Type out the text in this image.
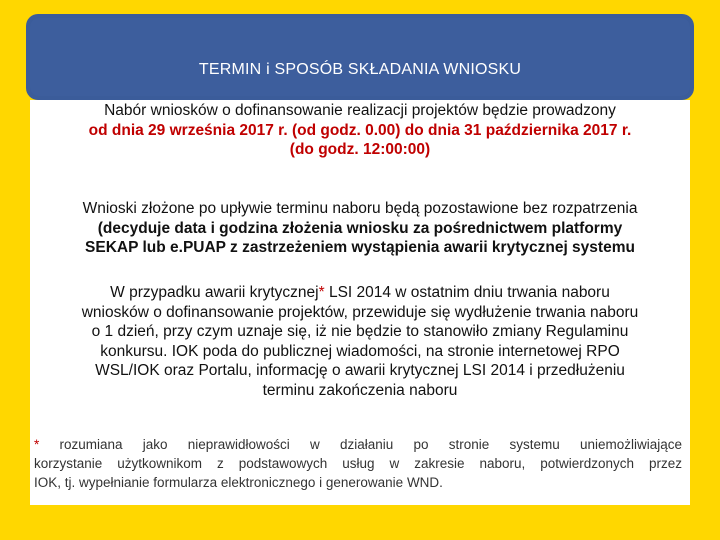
TERMIN i SPOSÓB SKŁADANIA WNIOSKU
Nabór wniosków o dofinansowanie realizacji projektów będzie prowadzony
od dnia 29 września 2017 r. (od godz. 0.00) do dnia 31 października 2017 r.
(do godz. 12:00:00)
Wnioski złożone po upływie terminu naboru będą pozostawione bez rozpatrzenia
(decyduje data i godzina złożenia wniosku za pośrednictwem platformy
SEKAP lub e.PUAP z zastrzeżeniem wystąpienia awarii krytycznej systemu
W przypadku awarii krytycznej* LSI 2014 w ostatnim dniu trwania naboru
wniosków o dofinansowanie projektów, przewiduje się wydłużenie trwania naboru
o 1 dzień, przy czym uznaje się, iż nie będzie to stanowiło zmiany Regulaminu
konkursu. IOK poda do publicznej wiadomości, na stronie internetowej RPO
WSL/IOK oraz Portalu, informację o awarii krytycznej LSI 2014 i przedłużeniu
terminu zakończenia naboru
* rozumiana jako nieprawidłowości w działaniu po stronie systemu uniemożliwiające
korzystanie użytkownikom z podstawowych usług w zakresie naboru, potwierdzonych przez
IOK, tj. wypełnianie formularza elektronicznego i generowanie WND.
